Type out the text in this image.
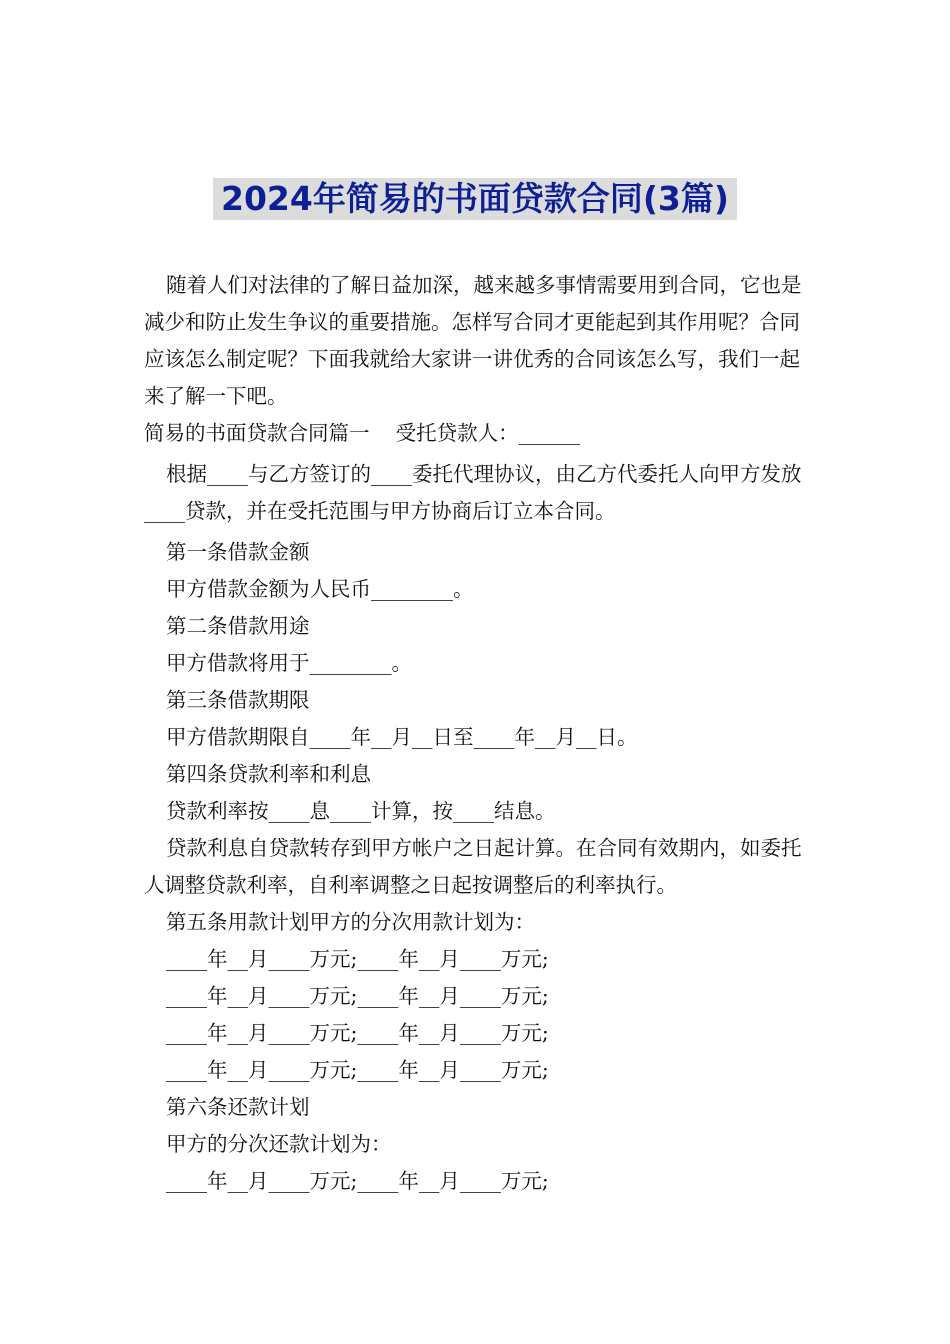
2024年简易的书面贷款合同(3篇)

随着人们对法律的了解日益加深，越来越多事情需要用到合同，它也是减少和防止发生争议的重要措施。怎样写合同才更能起到其作用呢？合同应该怎么制定呢？下面我就给大家讲一讲优秀的合同该怎么写，我们一起来了解一下吧。

简易的书面贷款合同篇一    受托贷款人：______

根据____与乙方签订的____委托代理协议，由乙方代委托人向甲方发放____贷款，并在受托范围与甲方协商后订立本合同。

第一条借款金额

甲方借款金额为人民币________。

第二条借款用途

甲方借款将用于________。

第三条借款期限

甲方借款期限自____年__月__日至____年__月__日。

第四条贷款利率和利息

贷款利率按____息____计算，按____结息。

贷款利息自贷款转存到甲方帐户之日起计算。在合同有效期内，如委托人调整贷款利率，自利率调整之日起按调整后的利率执行。

第五条用款计划甲方的分次用款计划为：

____年__月____万元;____年__月____万元;

____年__月____万元;____年__月____万元;

____年__月____万元;____年__月____万元;

____年__月____万元;____年__月____万元;

第六条还款计划

甲方的分次还款计划为：

____年__月____万元;____年__月____万元;
